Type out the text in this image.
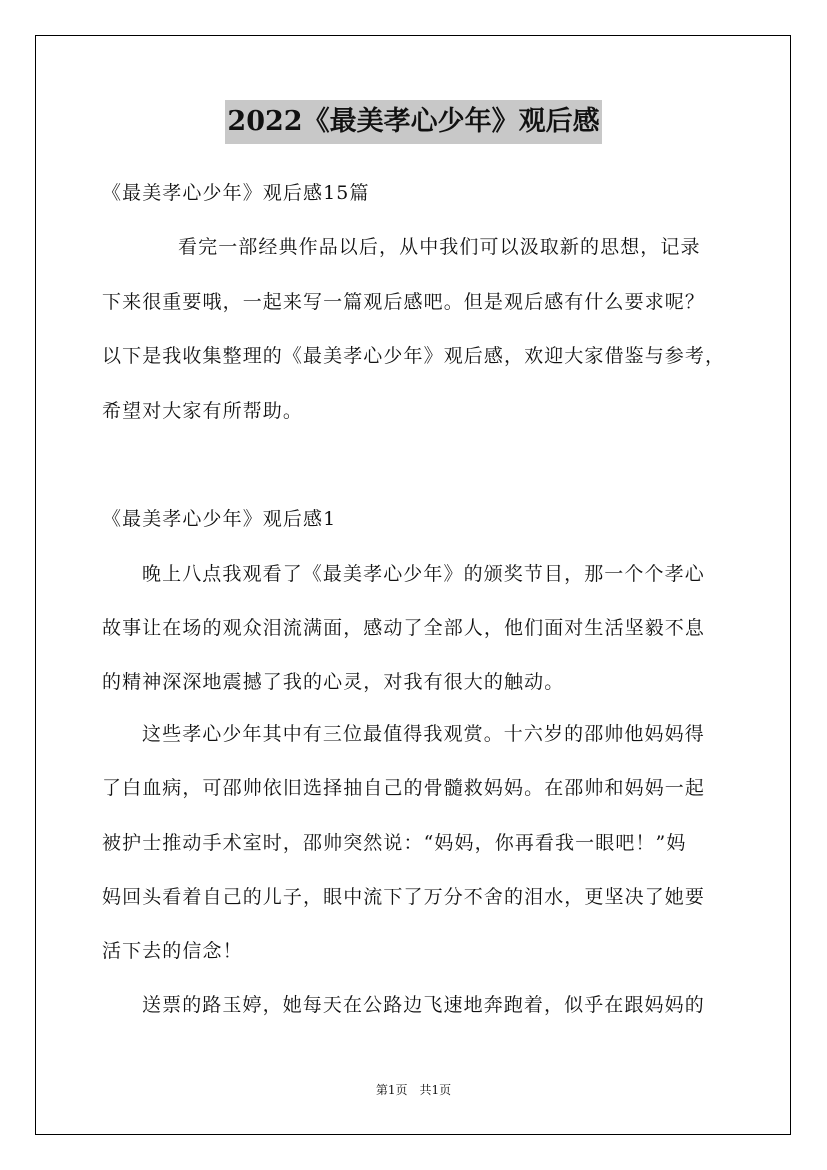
2022《最美孝心少年》观后感
《最美孝心少年》观后感15篇
看完一部经典作品以后，从中我们可以汲取新的思想，记录
下来很重要哦，一起来写一篇观后感吧。但是观后感有什么要求呢？
以下是我收集整理的《最美孝心少年》观后感，欢迎大家借鉴与参考，
希望对大家有所帮助。
《最美孝心少年》观后感1
晚上八点我观看了《最美孝心少年》的颁奖节目，那一个个孝心
故事让在场的观众泪流满面，感动了全部人，他们面对生活坚毅不息
的精神深深地震撼了我的心灵，对我有很大的触动。
这些孝心少年其中有三位最值得我观赏。十六岁的邵帅他妈妈得
了白血病，可邵帅依旧选择抽自己的骨髓救妈妈。在邵帅和妈妈一起
被护士推动手术室时，邵帅突然说：“妈妈，你再看我一眼吧！”妈
妈回头看着自己的儿子，眼中流下了万分不舍的泪水，更坚决了她要
活下去的信念！
送票的路玉婷，她每天在公路边飞速地奔跑着，似乎在跟妈妈的
第1页　共1页
